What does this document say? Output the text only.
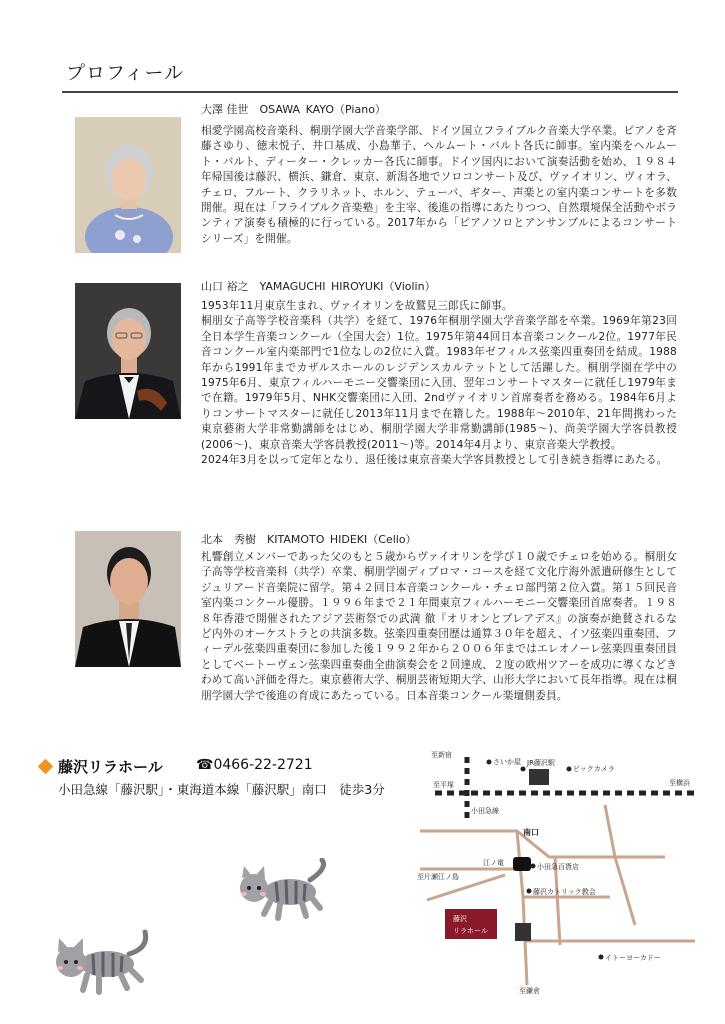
プロフィール
大澤 佳世　OSAWA KAYO（Piano）

相愛学園高校音楽科、桐朋学園大学音楽学部、ドイツ国立フライブルク音楽大学卒業。ピアノを斉藤さゆり、徳末悦子、井口基成、小島華子、ヘルムート・バルト各氏に師事。室内楽をヘルムート・バルト、ディーター・クレッカー各氏に師事。ドイツ国内において演奏活動を始め、１９８４年帰国後は藤沢、横浜、鎌倉、東京、新潟各地でソロコンサート及び、ヴァイオリン、ヴィオラ、チェロ、フルート、クラリネット、ホルン、テューバ、ギター、声楽との室内楽コンサートを多数開催。現在は「フライブルク音楽塾」を主宰、後進の指導にあたりつつ、自然環境保全活動やボランティア演奏も積極的に行っている。2017年から「ピアノソロとアンサンブルによるコンサートシリーズ」を開催。

山口 裕之　YAMAGUCHI HIROYUKI（Violin）

1953年11月東京生まれ、ヴァイオリンを故鷲見三郎氏に師事。

桐朋女子高等学校音楽科（共学）を経て、1976年桐朋学園大学音楽学部を卒業。1969年第23回全日本学生音楽コンクール（全国大会）1位。1975年第44回日本音楽コンクール2位。1977年民音コンクール室内楽部門で1位なしの2位に入賞。1983年ゼフィルス弦楽四重奏団を結成。1988年から1991年までカザルスホールのレジデンスカルテットとして活躍した。桐朋学園在学中の1975年6月、東京フィルハーモニー交響楽団に入団、翌年コンサートマスターに就任し1979年まで在籍。1979年5月、NHK交響楽団に入団、2ndヴァイオリン首席奏者を務める。1984年6月よりコンサートマスターに就任し2013年11月まで在籍した。1988年〜2010年、21年間携わった東京藝術大学非常勤講師をはじめ、桐朋学園大学非常勤講師(1985〜)、尚美学園大学客員教授(2006〜)、東京音楽大学客員教授(2011〜)等。2014年4月より、東京音楽大学教授。

2024年3月を以って定年となり、退任後は東京音楽大学客員教授として引き続き指導にあたる。

北本　秀樹　KITAMOTO HIDEKI（Cello）

札響創立メンバーであった父のもと５歳からヴァイオリンを学び１０歳でチェロを始める。桐朋女子高等学校音楽科（共学）卒業、桐朋学園ディプロマ・コースを経て文化庁海外派遣研修生としてジュリアード音楽院に留学。第４２回日本音楽コンクール・チェロ部門第２位入賞。第１５回民音室内楽コンクール優勝。１９９６年まで２１年間東京フィルハーモニー交響楽団首席奏者。１９８８年香港で開催されたアジア芸術祭での武満 徹『オリオンとプレアデス』の演奏が絶賛されるなど内外のオーケストラとの共演多数。弦楽四重奏団歴は通算３０年を超え、イソ弦楽四重奏団、フィーデル弦楽四重奏団に参加した後１９９２年から２００６年まではエレオノーレ弦楽四重奏団員としてベートーヴェン弦楽四重奏曲全曲演奏会を２回達成、２度の欧州ツアーを成功に導くなどきわめて高い評価を得た。東京藝術大学、桐朋芸術短期大学、山形大学において長年指導。現在は桐朋学園大学で後進の育成にあたっている。日本音楽コンクール楽壇側委員。

藤沢リラホール ☎0466-22-2721
小田急線「藤沢駅」・東海道本線「藤沢駅」南口　徒歩3分
至新宿
さいか屋 JR藤沢駅
ビックカメラ
至平塚	至横浜
小田急線
南口
江ノ電	小田急百貨店
至片瀬江ノ島
藤沢カトリック教会
藤沢
リラホール
イトーヨーカドー
至鎌倉
